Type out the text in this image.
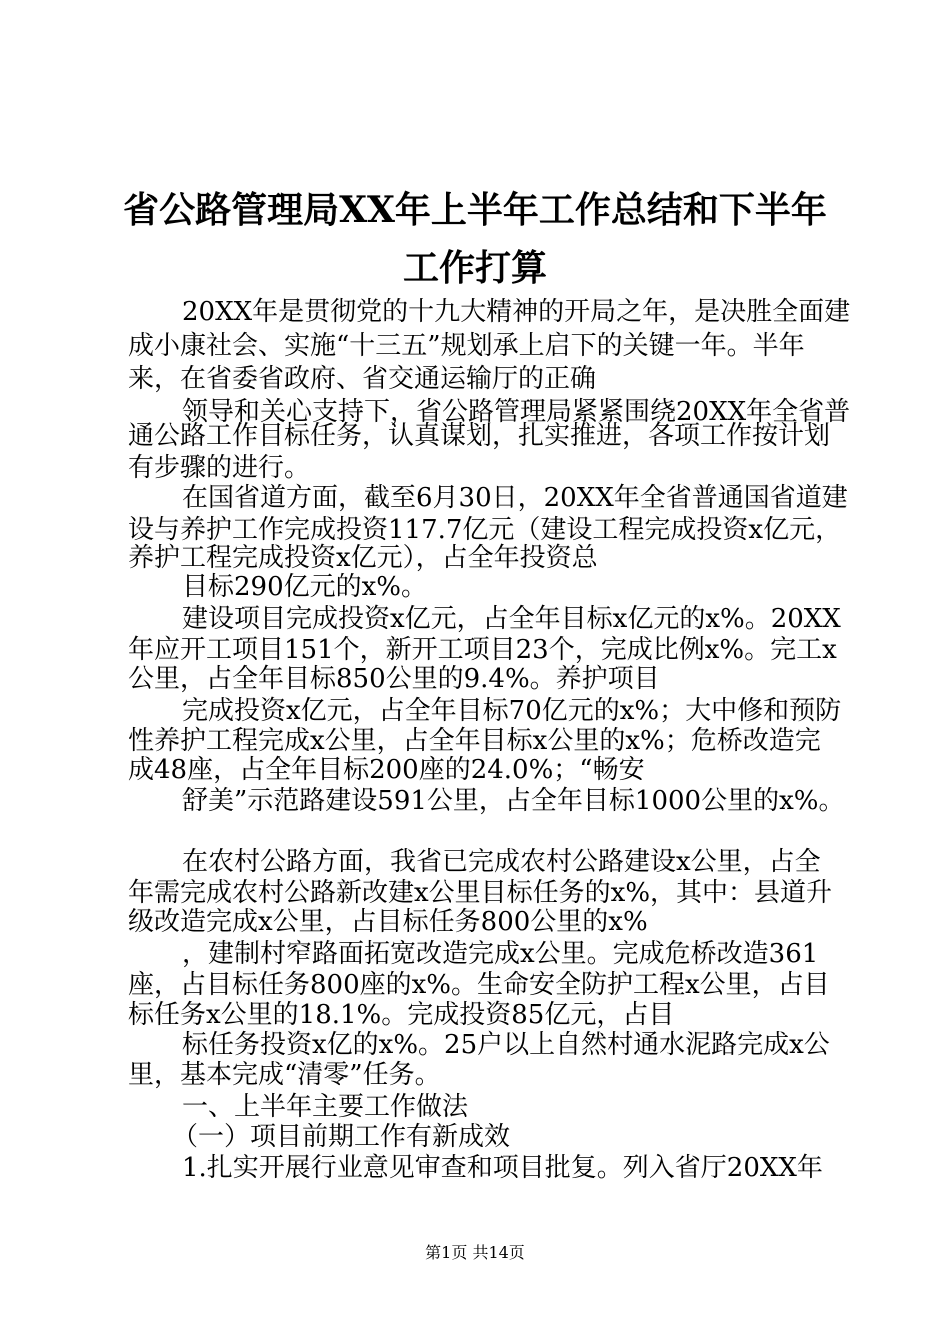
省公路管理局XX年上半年工作总结和下半年
工作打算
20XX年是贯彻党的十九大精神的开局之年，是决胜全面建
成小康社会、实施“十三五”规划承上启下的关键一年。半年
来，在省委省政府、省交通运输厅的正确
领导和关心支持下，省公路管理局紧紧围绕20XX年全省普
通公路工作目标任务，认真谋划，扎实推进，各项工作按计划
有步骤的进行。
在国省道方面，截至6月30日，20XX年全省普通国省道建
设与养护工作完成投资117.7亿元（建设工程完成投资x亿元，
养护工程完成投资x亿元），占全年投资总
目标290亿元的x%。
建设项目完成投资x亿元，占全年目标x亿元的x%。20XX
年应开工项目151个，新开工项目23个，完成比例x%。完工x
公里，占全年目标850公里的9.4%。养护项目
完成投资x亿元，占全年目标70亿元的x%；大中修和预防
性养护工程完成x公里，占全年目标x公里的x%；危桥改造完
成48座，占全年目标200座的24.0%；“畅安
舒美”示范路建设591公里，占全年目标1000公里的x%。
在农村公路方面，我省已完成农村公路建设x公里，占全
年需完成农村公路新改建x公里目标任务的x%，其中：县道升
级改造完成x公里，占目标任务800公里的x%
，建制村窄路面拓宽改造完成x公里。完成危桥改造361
座，占目标任务800座的x%。生命安全防护工程x公里，占目
标任务x公里的18.1%。完成投资85亿元，占目
标任务投资x亿的x%。25户以上自然村通水泥路完成x公
里，基本完成“清零”任务。
一、上半年主要工作做法
（一）项目前期工作有新成效
1.扎实开展行业意见审查和项目批复。列入省厅20XX年
第1页 共14页
